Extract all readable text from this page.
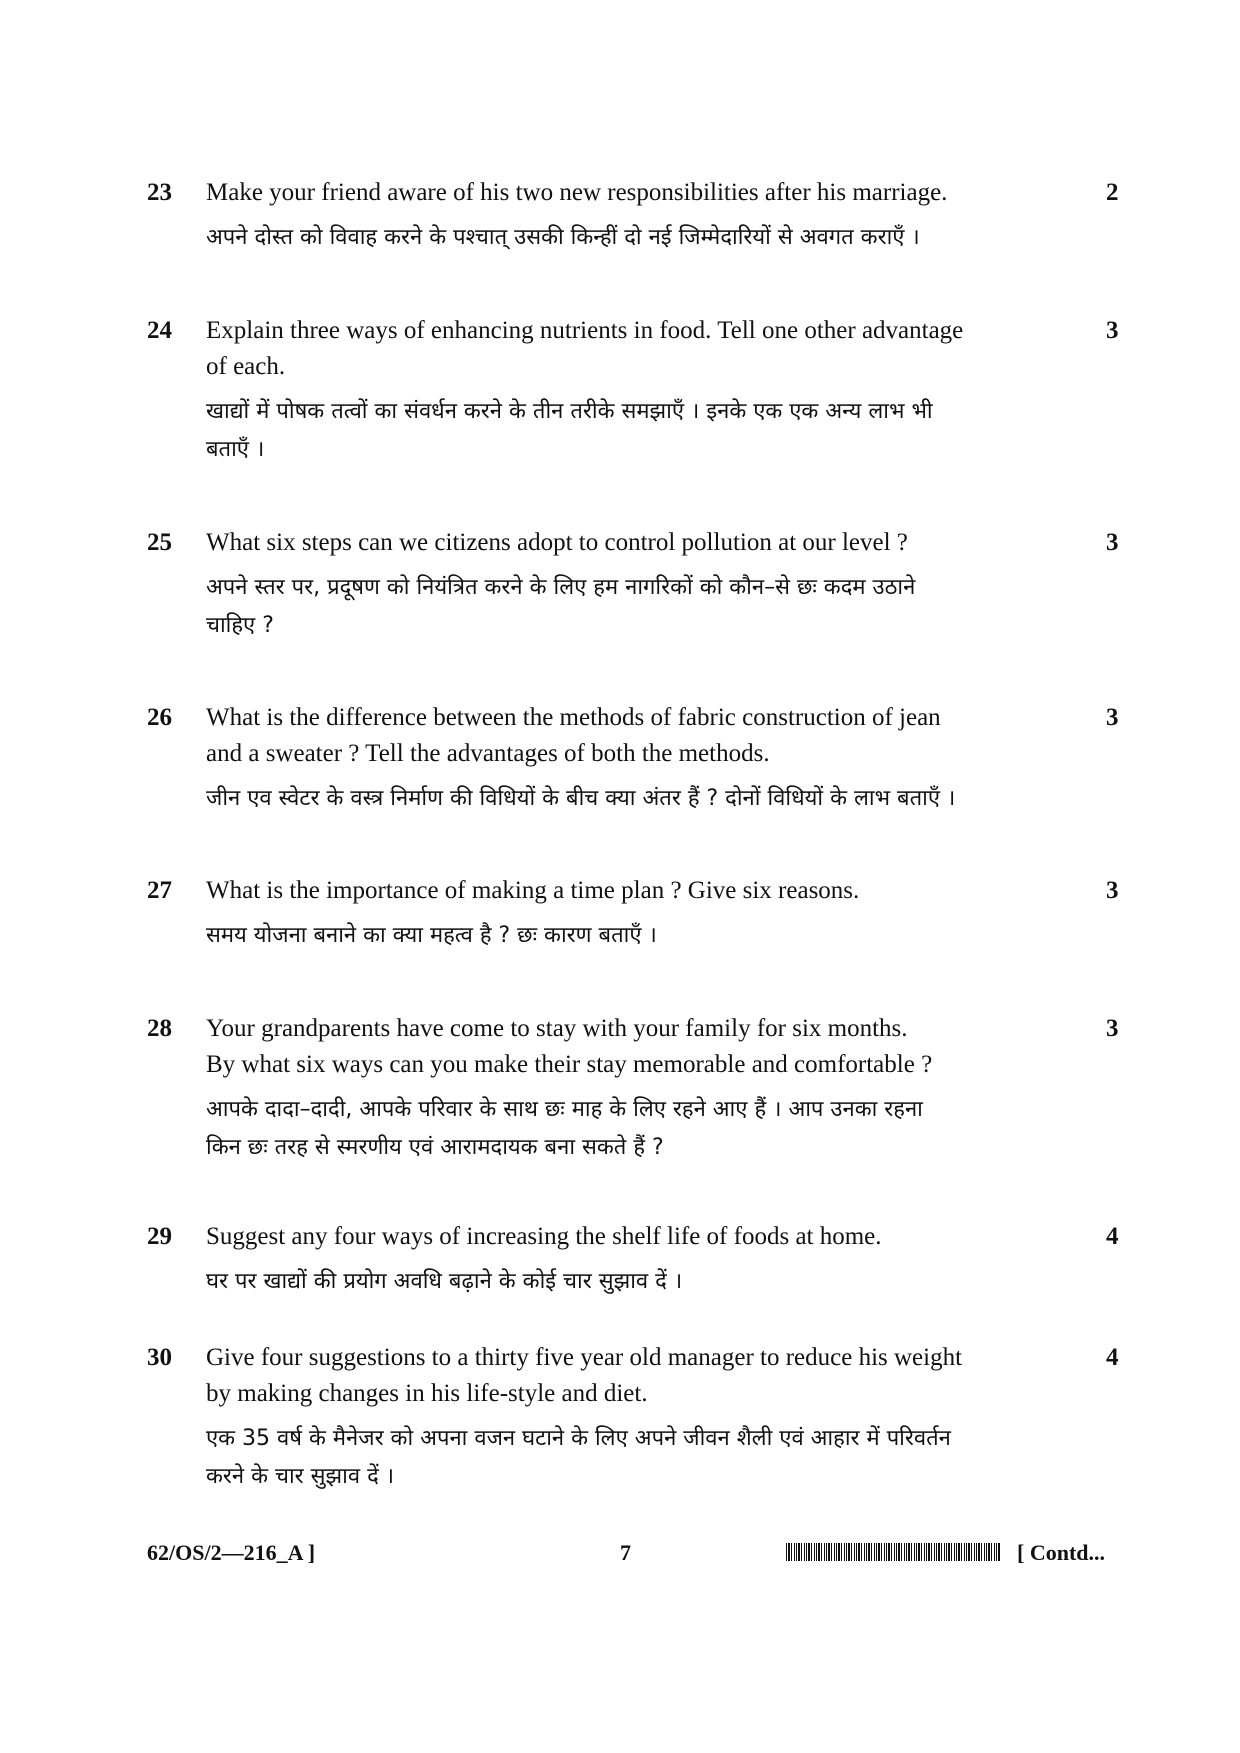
23 Make your friend aware of his two new responsibilities after his marriage.

अपने दोस्त को विवाह करने के पश्चात् उसकी किन्हीं दो नई जिम्मेदारियों से अवगत कराएँ ।

2
24 Explain three ways of enhancing nutrients in food. Tell one other advantage
of each.

खाद्यों में पोषक तत्वों का संवर्धन करने के तीन तरीके समझाएँ । इनके एक एक अन्य लाभ भी
बताएँ ।

3
25 What six steps can we citizens adopt to control pollution at our level ?

अपने स्तर पर, प्रदूषण को नियंत्रित करने के लिए हम नागरिकों को कौन–से छः कदम उठाने
चाहिए ?

3
26 What is the difference between the methods of fabric construction of jean
and a sweater ? Tell the advantages of both the methods.

जीन एव स्वेटर के वस्त्र निर्माण की विधियों के बीच क्या अंतर हैं ? दोनों विधियों के लाभ बताएँ ।

3
27 What is the importance of making a time plan ? Give six reasons.

समय योजना बनाने का क्या महत्व है ? छः कारण बताएँ ।

3
28 Your grandparents have come to stay with your family for six months.
By what six ways can you make their stay memorable and comfortable ?

आपके दादा–दादी, आपके परिवार के साथ छः माह के लिए रहने आए हैं । आप उनका रहना
किन छः तरह से स्मरणीय एवं आरामदायक बना सकते हैं ?

3
29 Suggest any four ways of increasing the shelf life of foods at home.

घर पर खाद्यों की प्रयोग अवधि बढ़ाने के कोई चार सुझाव दें ।

4
30 Give four suggestions to a thirty five year old manager to reduce his weight
by making changes in his life-style and diet.

एक 35 वर्ष के मैनेजर को अपना वजन घटाने के लिए अपने जीवन शैली एवं आहार में परिवर्तन
करने के चार सुझाव दें ।

4
62/OS/2—216_A ]	7	[ Contd...
